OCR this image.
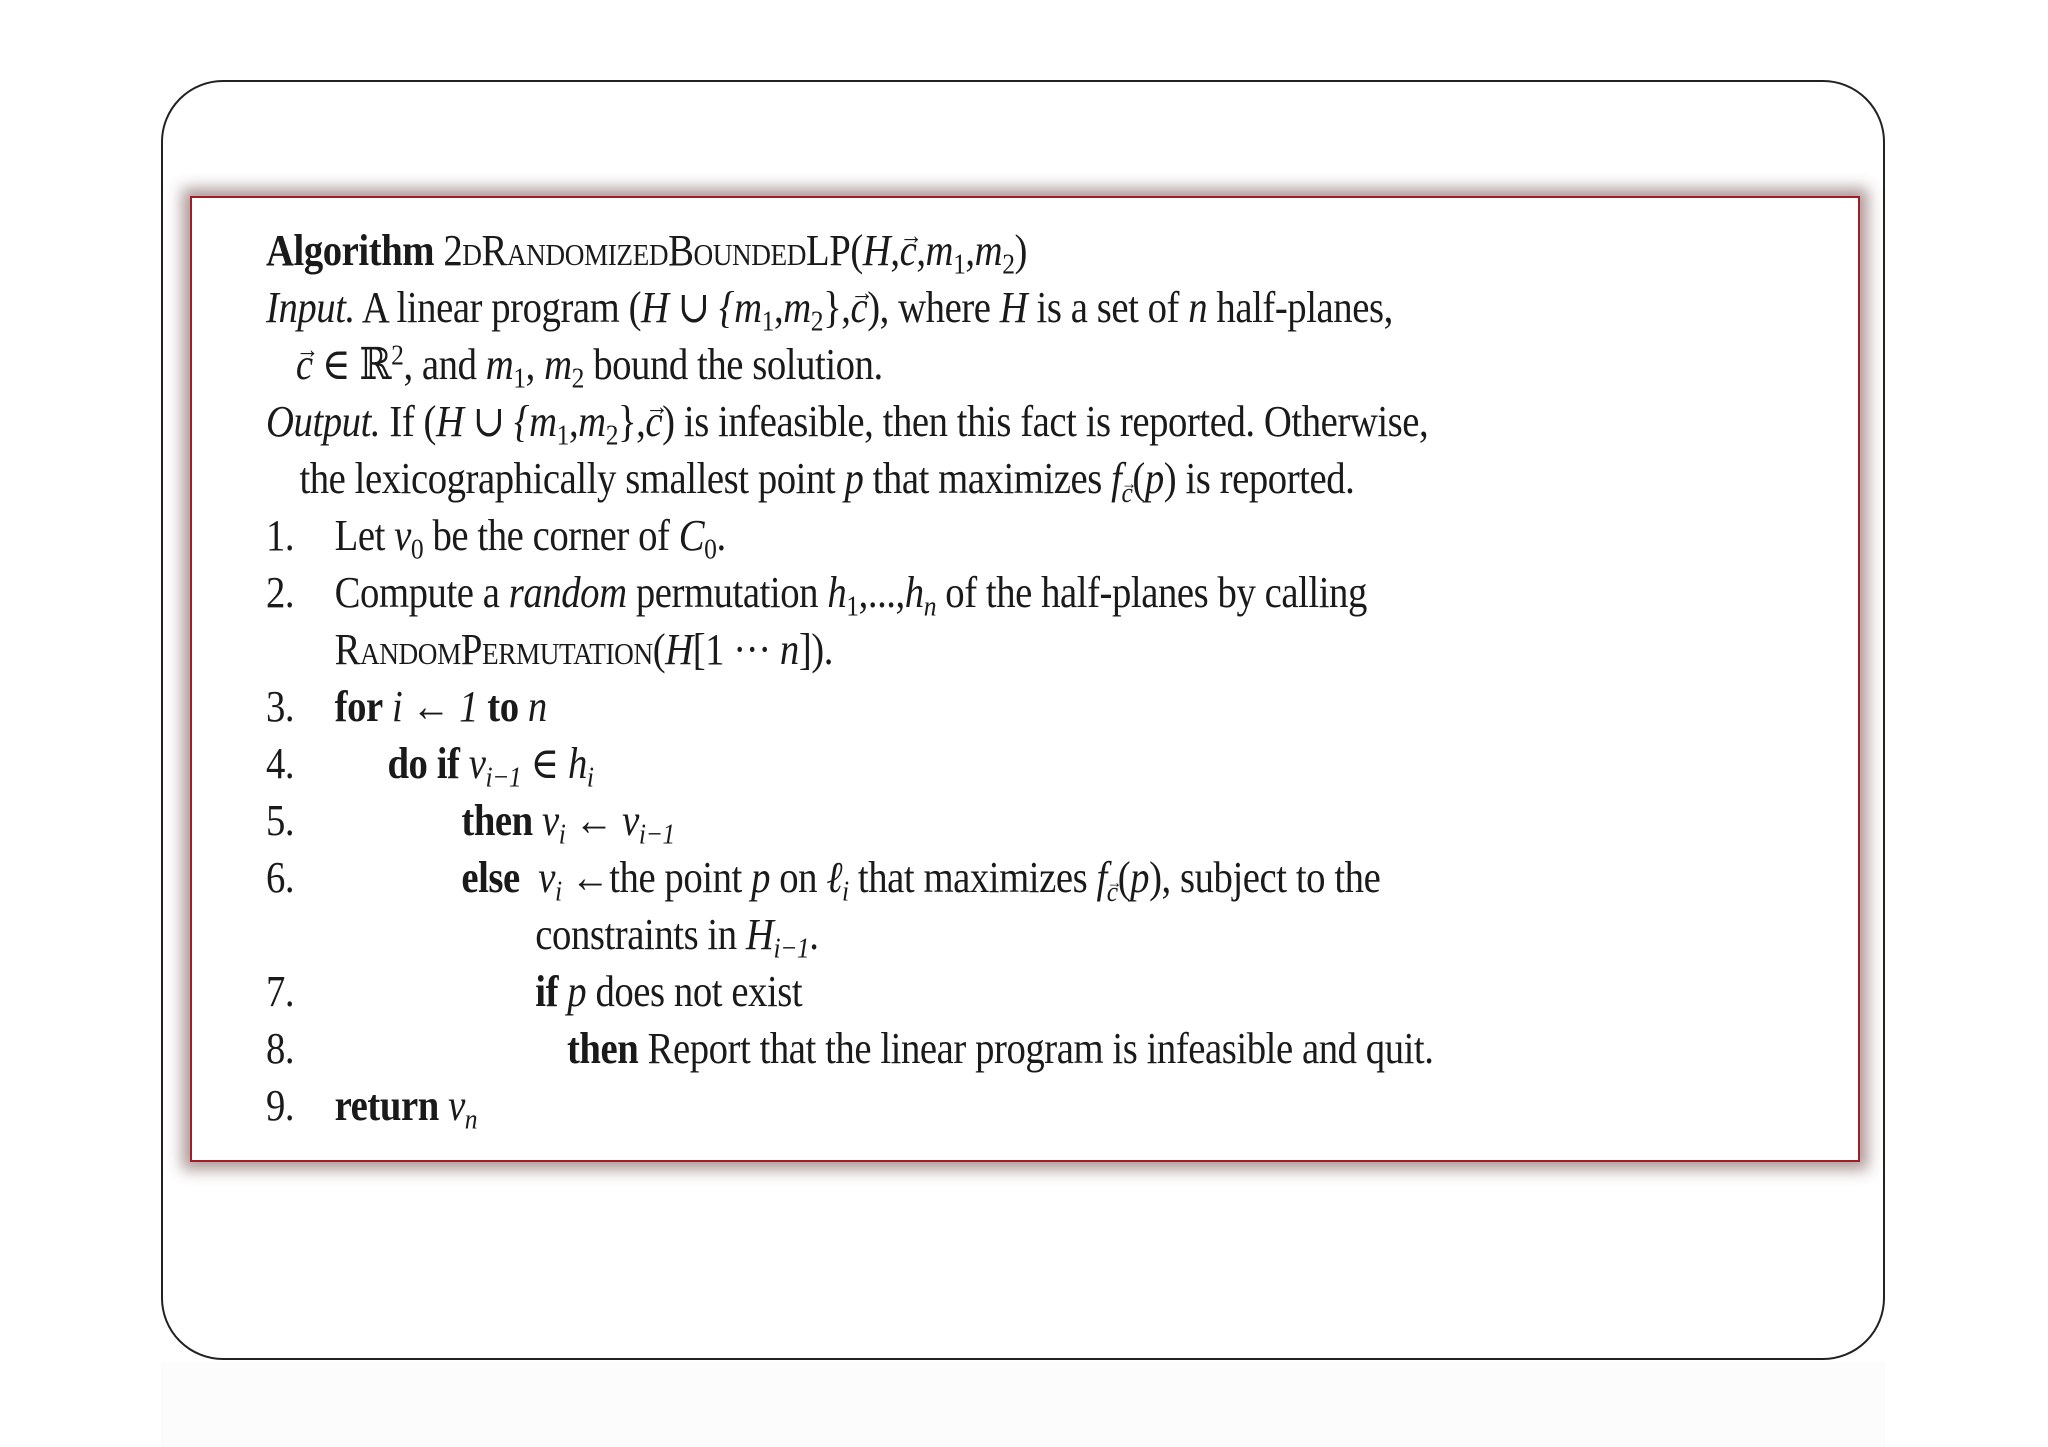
Algorithm 2dRandomizedBoundedLP(H,→ $c,m_1,m_2$)
Input. A linear program (H ∪ $\{m_1,m_2\},\to c$), where H is a set of n half-planes,
→ c ∈ ℝ$^2$, and $m_1$, $m_2$ bound the solution.
Output. If (H ∪ $\{m_1,m_2\},\to c$) is infeasible, then this fact is reported. Otherwise,
the lexicographically smallest point p that maximizes $f_c(p)$ is reported.
1. Let $v_0$ be the corner of $C_0$.
2. Compute a random permutation $h_1,...,h_n$ of the half-planes by calling
RandomPermutation(H[1 ··· n]).
3. for i ← 1 to n
4. do if $v_{i-1}$ ∈ $h_i$
5.	then $v_i$ ← $v_{i-1}$
6.	else $v_i$ ←the point p on ℓ$_i$ that maximizes $f_c(p)$, subject to the
constraints in $H_{i-1}$.
7.	if p does not exist
8.	then Report that the linear program is infeasible and quit.
9. return $v_n$
